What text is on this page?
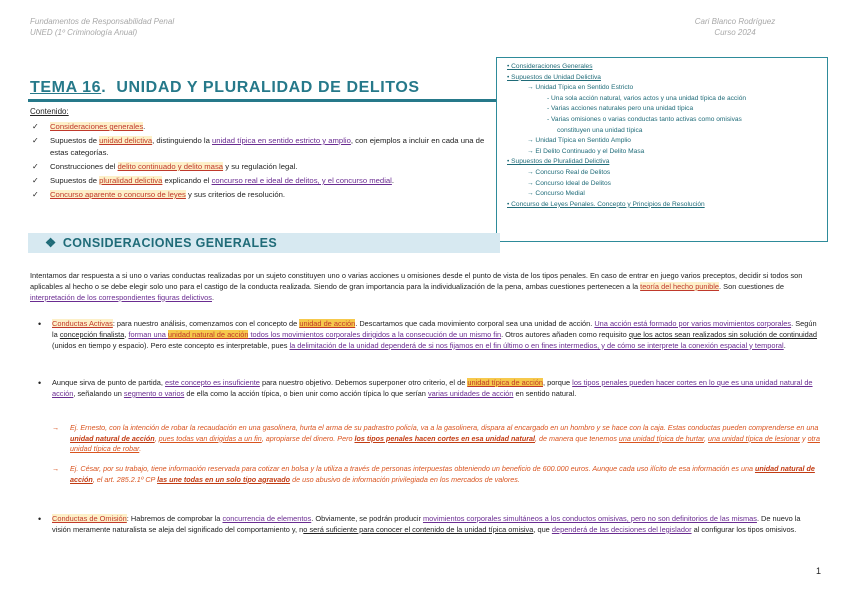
Fundamentos de Responsabilidad Penal
UNED (1º Criminología Anual)
Cari Blanco Rodríguez
Curso 2024
• Consideraciones Generales
• Supuestos de Unidad Delictiva
→ Unidad Típica en Sentido Estricto
- Una sola acción natural, varios actos y una unidad típica de acción
- Varias acciones naturales pero una unidad típica
- Varias omisiones o varias conductas tanto activas como omisivas
constituyen una unidad típica
→ Unidad Típica en Sentido Amplio
→ El Delito Continuado y el Delito Masa
• Supuestos de Pluralidad Delictiva
→ Concurso Real de Delitos
→ Concurso Ideal de Delitos
→ Concurso Medial
• Concurso de Leyes Penales. Concepto y Principios de Resolución
TEMA 16. UNIDAD Y PLURALIDAD DE DELITOS
Contenido:
✓ Consideraciones generales.
✓ Supuestos de unidad delictiva, distinguiendo la unidad típica en sentido estricto y amplio, con ejemplos a incluir en cada una de estas categorías.
✓ Construcciones del delito continuado y delito masa y su regulación legal.
✓ Supuestos de pluralidad delictiva explicando el concurso real e ideal de delitos, y el concurso medial.
✓ Concurso aparente o concurso de leyes y sus criterios de resolución.
❖ CONSIDERACIONES GENERALES
Intentamos dar respuesta a si uno o varias conductas realizadas por un sujeto constituyen uno o varias acciones u omisiones desde el punto de vista de los tipos penales. En caso de entrar en juego varios preceptos, decidir si todos son aplicables al hecho o se debe elegir solo uno para el castigo de la conducta realizada. Siendo de gran importancia para la individualización de la pena, ambas cuestiones pertenecen a la teoría del hecho punible. Son cuestiones de interpretación de los correspondientes figuras delictivos.
• Conductas Activas: para nuestro análisis, comenzamos con el concepto de unidad de acción. Descartamos que cada movimiento corporal sea una unidad de acción. Una acción está formado por varios movimientos corporales. Según la concepción finalista, forman una unidad natural de acción todos los movimientos corporales dirigidos a la consecución de un mismo fin. Otros autores añaden como requisito que los actos sean realizados sin solución de continuidad (unidos en tiempo y espacio). Pero este concepto es interpretable, pues la delimitación de la unidad dependerá de si nos fijamos en el fin último o en fines intermedios, y de cómo se interprete la conexión espacial y temporal.
• Aunque sirva de punto de partida, este concepto es insuficiente para nuestro objetivo. Debemos superponer otro criterio, el de unidad típica de acción, porque los tipos penales pueden hacer cortes en lo que es una unidad natural de acción, señalando un segmento o varios de ella como la acción típica, o bien unir como acción típica lo que serían varias unidades de acción en sentido natural.
→	Ej. Ernesto, con la intención de robar la recaudación en una gasolinera, hurta el arma de su padrastro policía, va a la gasolinera, dispara al encargado en un hombro y se hace con la caja. Estas conductas pueden comprenderse en una unidad natural de acción, pues todas van dirigidas a un fin, apropiarse del dinero. Pero los tipos penales hacen cortes en esa unidad natural, de manera que tenemos una unidad típica de hurtar, una unidad típica de lesionar y otra unidad típica de robar.
→	Ej. César, por su trabajo, tiene información reservada para cotizar en bolsa y la utiliza a través de personas interpuestas obteniendo un beneficio de 600.000 euros. Aunque cada uso ilícito de esa información es una unidad natural de acción, el art. 285.2.1º CP las une todas en un solo tipo agravado de uso abusivo de información privilegiada en los mercados de valores.
• Conductas de Omisión: Habremos de comprobar la concurrencia de elementos. Obviamente, se podrán producir movimientos corporales simultáneos a los conductos omisivas, pero no son definitorios de las mismas. De nuevo la visión meramente naturalista se aleja del significado del comportamiento y, no será suficiente para conocer el contenido de la unidad típica omisiva, que dependerá de las decisiones del legislador al configurar los tipos omisivos.
1
